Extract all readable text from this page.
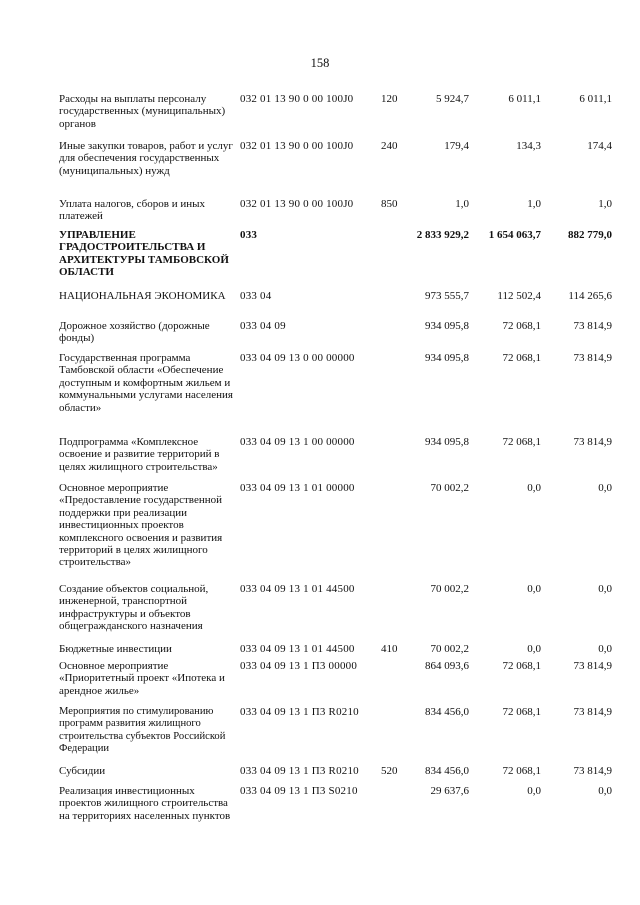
158
Расходы на выплаты персоналу государственных (муниципальных) органов
032 01 13 90 0 00 100J0	120	5 924,7	6 011,1	6 011,1
Иные закупки товаров, работ и услуг для обеспечения государственных (муниципальных) нужд
032 01 13 90 0 00 100J0	240	179,4	134,3	174,4
Уплата налогов, сборов и иных платежей
032 01 13 90 0 00 100J0	850	1,0	1,0	1,0
УПРАВЛЕНИЕ ГРАДОСТРОИТЕЛЬСТВА И АРХИТЕКТУРЫ ТАМБОВСКОЙ ОБЛАСТИ
033	2 833 929,2	1 654 063,7	882 779,0
НАЦИОНАЛЬНАЯ ЭКОНОМИКА	033 04	973 555,7	112 502,4	114 265,6
Дорожное хозяйство (дорожные фонды)
033 04 09	934 095,8	72 068,1	73 814,9
Государственная программа Тамбовской области «Обеспечение доступным и комфортным жильем и коммунальными услугами населения области»
033 04 09 13 0 00 00000	934 095,8	72 068,1	73 814,9
Подпрограмма «Комплексное освоение и развитие территорий в целях жилищного строительства»
033 04 09 13 1 00 00000	934 095,8	72 068,1	73 814,9
Основное мероприятие «Предоставление государственной поддержки при реализации инвестиционных проектов комплексного освоения и развития территорий в целях жилищного строительства»
033 04 09 13 1 01 00000	70 002,2	0,0	0,0
Создание объектов социальной, инженерной, транспортной инфраструктуры и объектов общегражданского назначения
033 04 09 13 1 01 44500	70 002,2	0,0	0,0
Бюджетные инвестиции	033 04 09 13 1 01 44500	410	70 002,2	0,0	0,0
Основное мероприятие «Приоритетный проект «Ипотека и арендное жилье»
033 04 09 13 1 П3 00000	864 093,6	72 068,1	73 814,9
Мероприятия по стимулированию программ развития жилищного строительства субъектов Российской Федерации
033 04 09 13 1 П3 R0210	834 456,0	72 068,1	73 814,9
Субсидии	033 04 09 13 1 П3 R0210	520	834 456,0	72 068,1	73 814,9
Реализация инвестиционных проектов жилищного строительства на территориях населенных пунктов
033 04 09 13 1 П3 S0210	29 637,6	0,0	0,0
